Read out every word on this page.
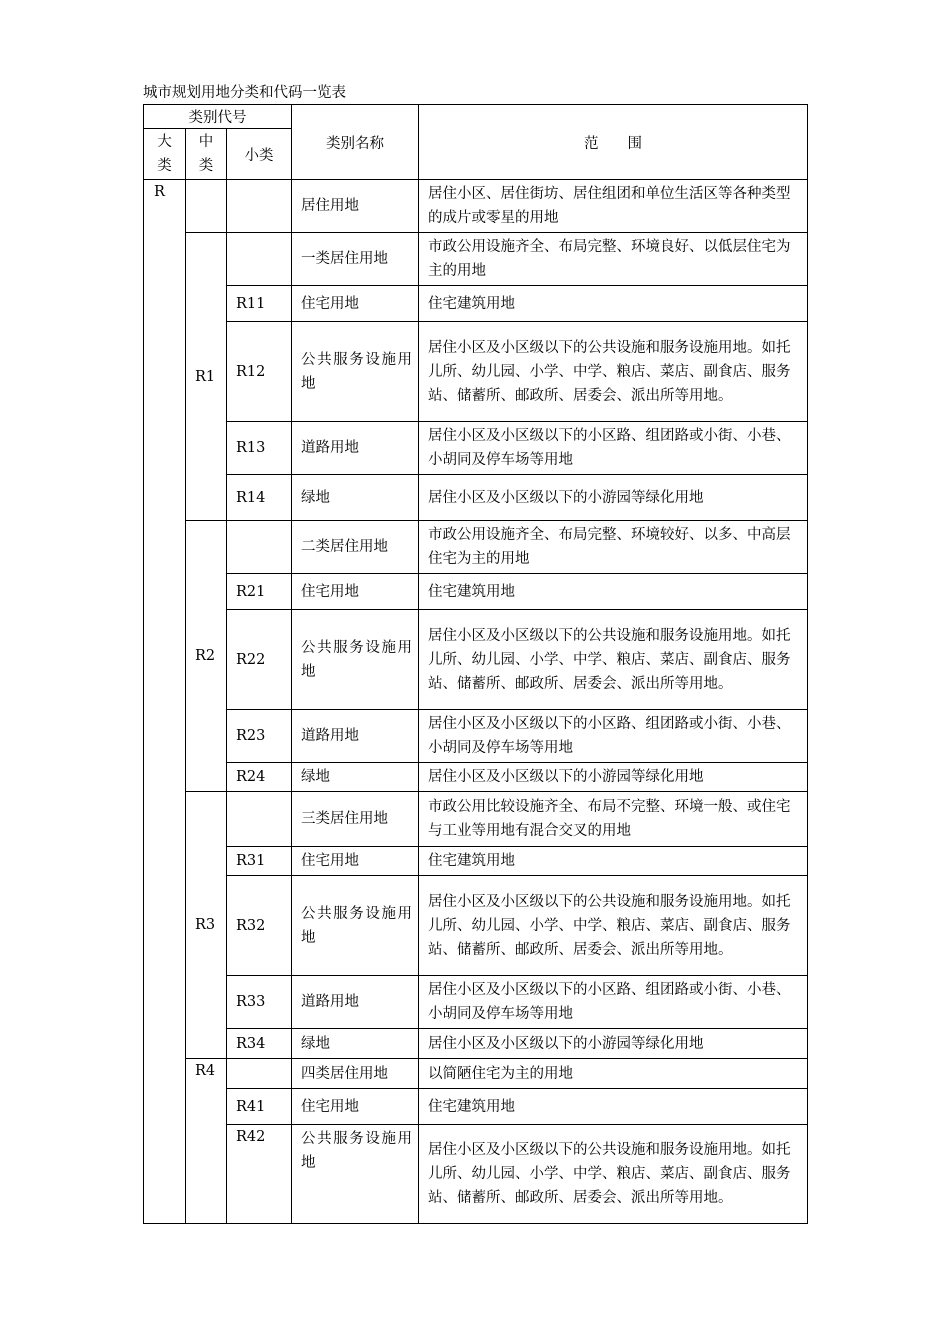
城市规划用地分类和代码一览表
类别代号			类别名称	范　　围
大类	中类	小类		
R			居住用地	居住小区、居住街坊、居住组团和单位生活区等各种类型的成片或零星的用地
	R1		一类居住用地	市政公用设施齐全、布局完整、环境良好、以低层住宅为主的用地
		R11	住宅用地	住宅建筑用地
		R12	公共服务设施用地	居住小区及小区级以下的公共设施和服务设施用地。如托儿所、幼儿园、小学、中学、粮店、菜店、副食店、服务站、储蓄所、邮政所、居委会、派出所等用地。
		R13	道路用地	居住小区及小区级以下的小区路、组团路或小街、小巷、小胡同及停车场等用地
		R14	绿地	居住小区及小区级以下的小游园等绿化用地
	R2		二类居住用地	市政公用设施齐全、布局完整、环境较好、以多、中高层住宅为主的用地
		R21	住宅用地	住宅建筑用地
		R22	公共服务设施用地	居住小区及小区级以下的公共设施和服务设施用地。如托儿所、幼儿园、小学、中学、粮店、菜店、副食店、服务站、储蓄所、邮政所、居委会、派出所等用地。
		R23	道路用地	居住小区及小区级以下的小区路、组团路或小街、小巷、小胡同及停车场等用地
		R24	绿地	居住小区及小区级以下的小游园等绿化用地
	R3		三类居住用地	市政公用比较设施齐全、布局不完整、环境一般、或住宅与工业等用地有混合交叉的用地
		R31	住宅用地	住宅建筑用地
		R32	公共服务设施用地	居住小区及小区级以下的公共设施和服务设施用地。如托儿所、幼儿园、小学、中学、粮店、菜店、副食店、服务站、储蓄所、邮政所、居委会、派出所等用地。
		R33	道路用地	居住小区及小区级以下的小区路、组团路或小街、小巷、小胡同及停车场等用地
		R34	绿地	居住小区及小区级以下的小游园等绿化用地
	R4		四类居住用地	以简陋住宅为主的用地
		R41	住宅用地	住宅建筑用地
		R42	公共服务设施用地	居住小区及小区级以下的公共设施和服务设施用地。如托儿所、幼儿园、小学、中学、粮店、菜店、副食店、服务站、储蓄所、邮政所、居委会、派出所等用地。
